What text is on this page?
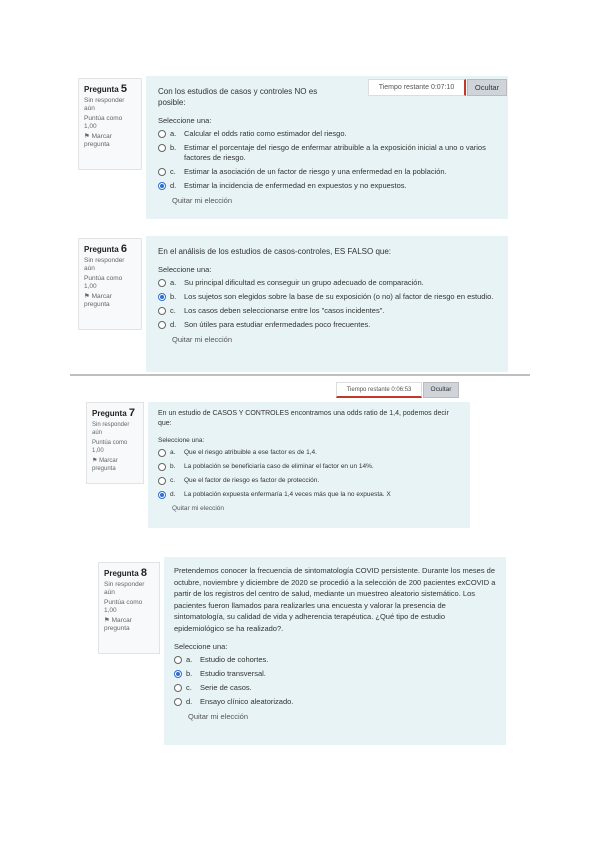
Pregunta 5
Sin responder aún
Puntúa como 1,00
⚑ Marcar pregunta
Con los estudios de casos y controles NO es posible:
Seleccione una:
a. Calcular el odds ratio como estimador del riesgo.
b. Estimar el porcentaje del riesgo de enfermar atribuible a la exposición inicial a uno o varios factores de riesgo.
c. Estimar la asociación de un factor de riesgo y una enfermedad en la población.
d. Estimar la incidencia de enfermedad en expuestos y no expuestos.
Quitar mi elección
Tiempo restante 0:07:10	Ocultar
Pregunta 6
Sin responder aún
Puntúa como 1,00
⚑ Marcar pregunta
En el análisis de los estudios de casos-controles, ES FALSO que:
Seleccione una:
a. Su principal dificultad es conseguir un grupo adecuado de comparación.
b. Los sujetos son elegidos sobre la base de su exposición (o no) al factor de riesgo en estudio.
c. Los casos deben seleccionarse entre los "casos incidentes".
d. Son útiles para estudiar enfermedades poco frecuentes.
Quitar mi elección
Tiempo restante 0:06:53	Ocultar
Pregunta 7
Sin responder aún
Puntúa como 1,00
⚑ Marcar pregunta
En un estudio de CASOS Y CONTROLES encontramos una odds ratio de 1,4, podemos decir que:
Seleccione una:
a. Que el riesgo atribuible a ese factor es de 1,4.
b. La población se beneficiaría caso de eliminar el factor en un 14%.
c. Que el factor de riesgo es factor de protección.
d. La población expuesta enfermaría 1,4 veces más que la no expuesta. X
Quitar mi elección
Pregunta 8
Sin responder aún
Puntúa como 1,00
⚑ Marcar pregunta
Pretendemos conocer la frecuencia de sintomatología COVID persistente. Durante los meses de octubre, noviembre y diciembre de 2020 se procedió a la selección de 200 pacientes exCOVID a partir de los registros del centro de salud, mediante un muestreo aleatorio sistemático. Los pacientes fueron llamados para realizarles una encuesta y valorar la presencia de sintomatología, su calidad de vida y adherencia terapéutica. ¿Qué tipo de estudio epidemiológico se ha realizado?.
Seleccione una:
a. Estudio de cohortes.
b. Estudio transversal.
c. Serie de casos.
d. Ensayo clínico aleatorizado.
Quitar mi elección
